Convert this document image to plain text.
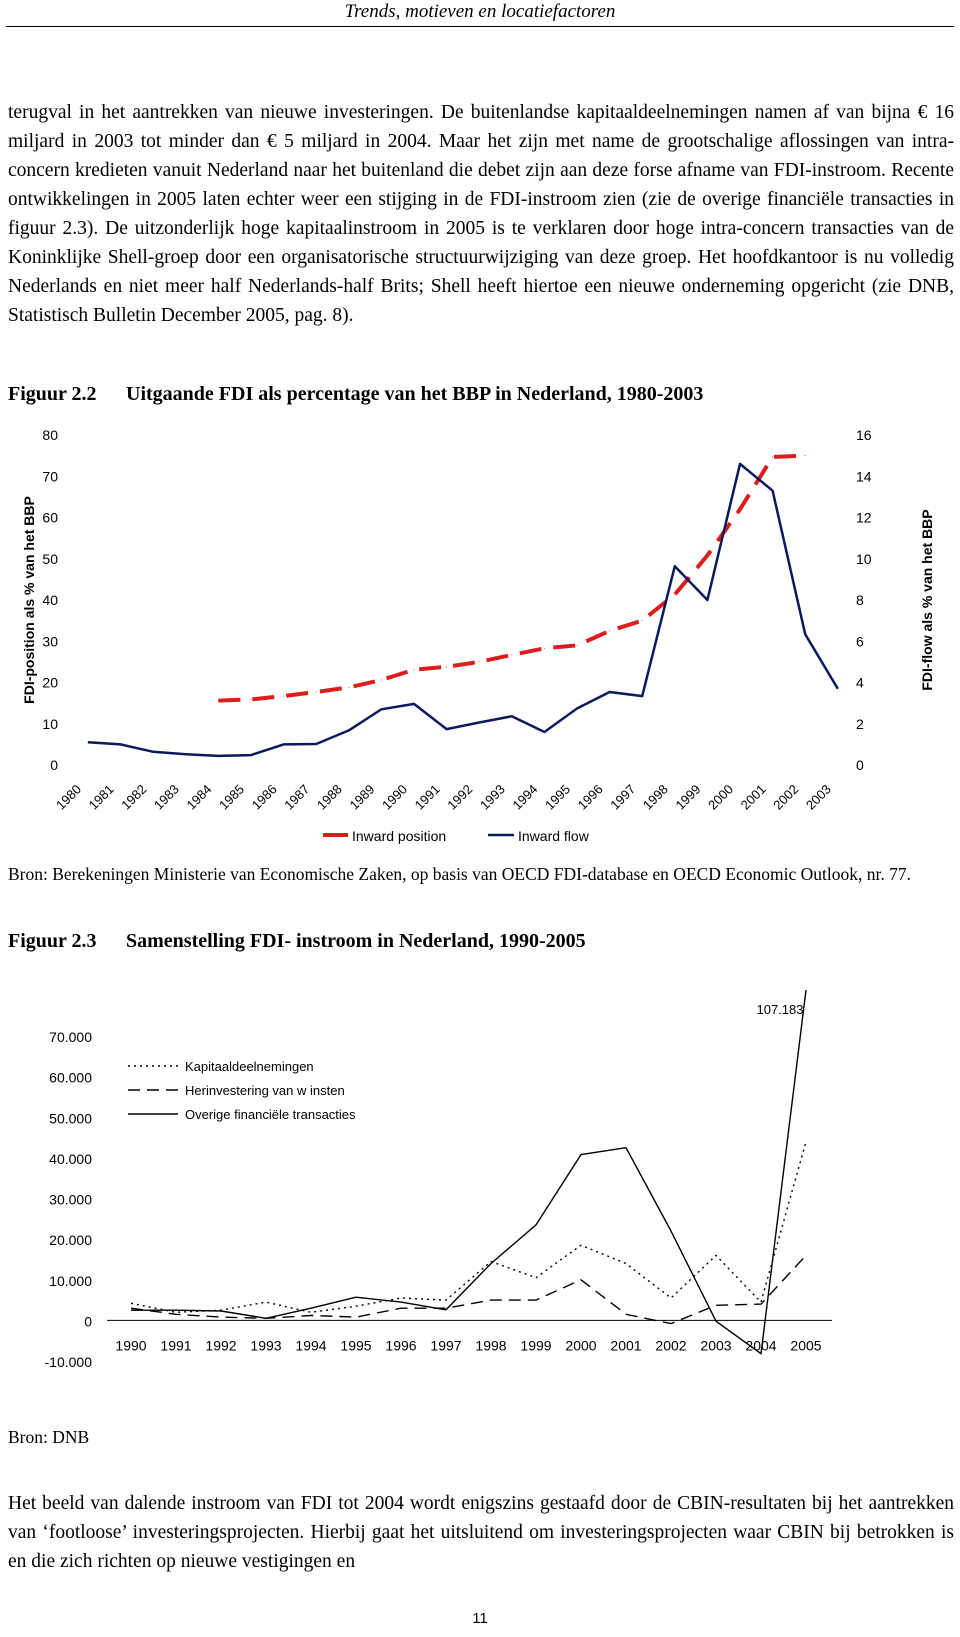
Trends, motieven en locatiefactoren
terugval in het aantrekken van nieuwe investeringen. De buitenlandse kapitaaldeelnemingen namen af van bijna € 16 miljard in 2003 tot minder dan € 5 miljard in 2004. Maar het zijn met name de grootschalige aflossingen van intra-concern kredieten vanuit Nederland naar het buitenland die debet zijn aan deze forse afname van FDI-instroom. Recente ontwikkelingen in 2005 laten echter weer een stijging in de FDI-instroom zien (zie de overige financiële transacties in figuur 2.3). De uitzonderlijk hoge kapitaalinstroom in 2005 is te verklaren door hoge intra-concern transacties van de Koninklijke Shell-groep door een organisatorische structuurwijziging van deze groep. Het hoofdkantoor is nu volledig Nederlands en niet meer half Nederlands-half Brits; Shell heeft hiertoe een nieuwe onderneming opgericht (zie DNB, Statistisch Bulletin December 2005, pag. 8).
Figuur 2.2 Uitgaande FDI als percentage van het BBP in Nederland, 1980-2003
0
10
20
30
40
50
60
70
80
0
2
4
6
8
10
12
14
16
1980 1981 1982 1983 1984 1985 1986 1987 1988 1989 1990 1991 1992 1993 1994 1995 1996 1997 1998 1999 2000 2001 2002 2003
FDI-position als % van het BBP	FDI-flow als % van het BBP
Inward position	Inward flow
Bron: Berekeningen Ministerie van Economische Zaken, op basis van OECD FDI-database en OECD Economic Outlook, nr. 77.
Figuur 2.3 Samenstelling FDI- instroom in Nederland, 1990-2005
-10.000
0
10.000
20.000
30.000
40.000
50.000
60.000
70.000
1990 1991 1992 1993 1994 1995 1996 1997 1998 1999 2000 2001 2002 2003 2004 2005
107.183
Kapitaaldeelnemingen
Herinvestering van w insten
Overige financiële transacties
Bron: DNB
Het beeld van dalende instroom van FDI tot 2004 wordt enigszins gestaafd door de CBIN-resultaten bij het aantrekken van ‘footloose’ investeringsprojecten. Hierbij gaat het uitsluitend om investeringsprojecten waar CBIN bij betrokken is en die zich richten op nieuwe vestigingen en
11
